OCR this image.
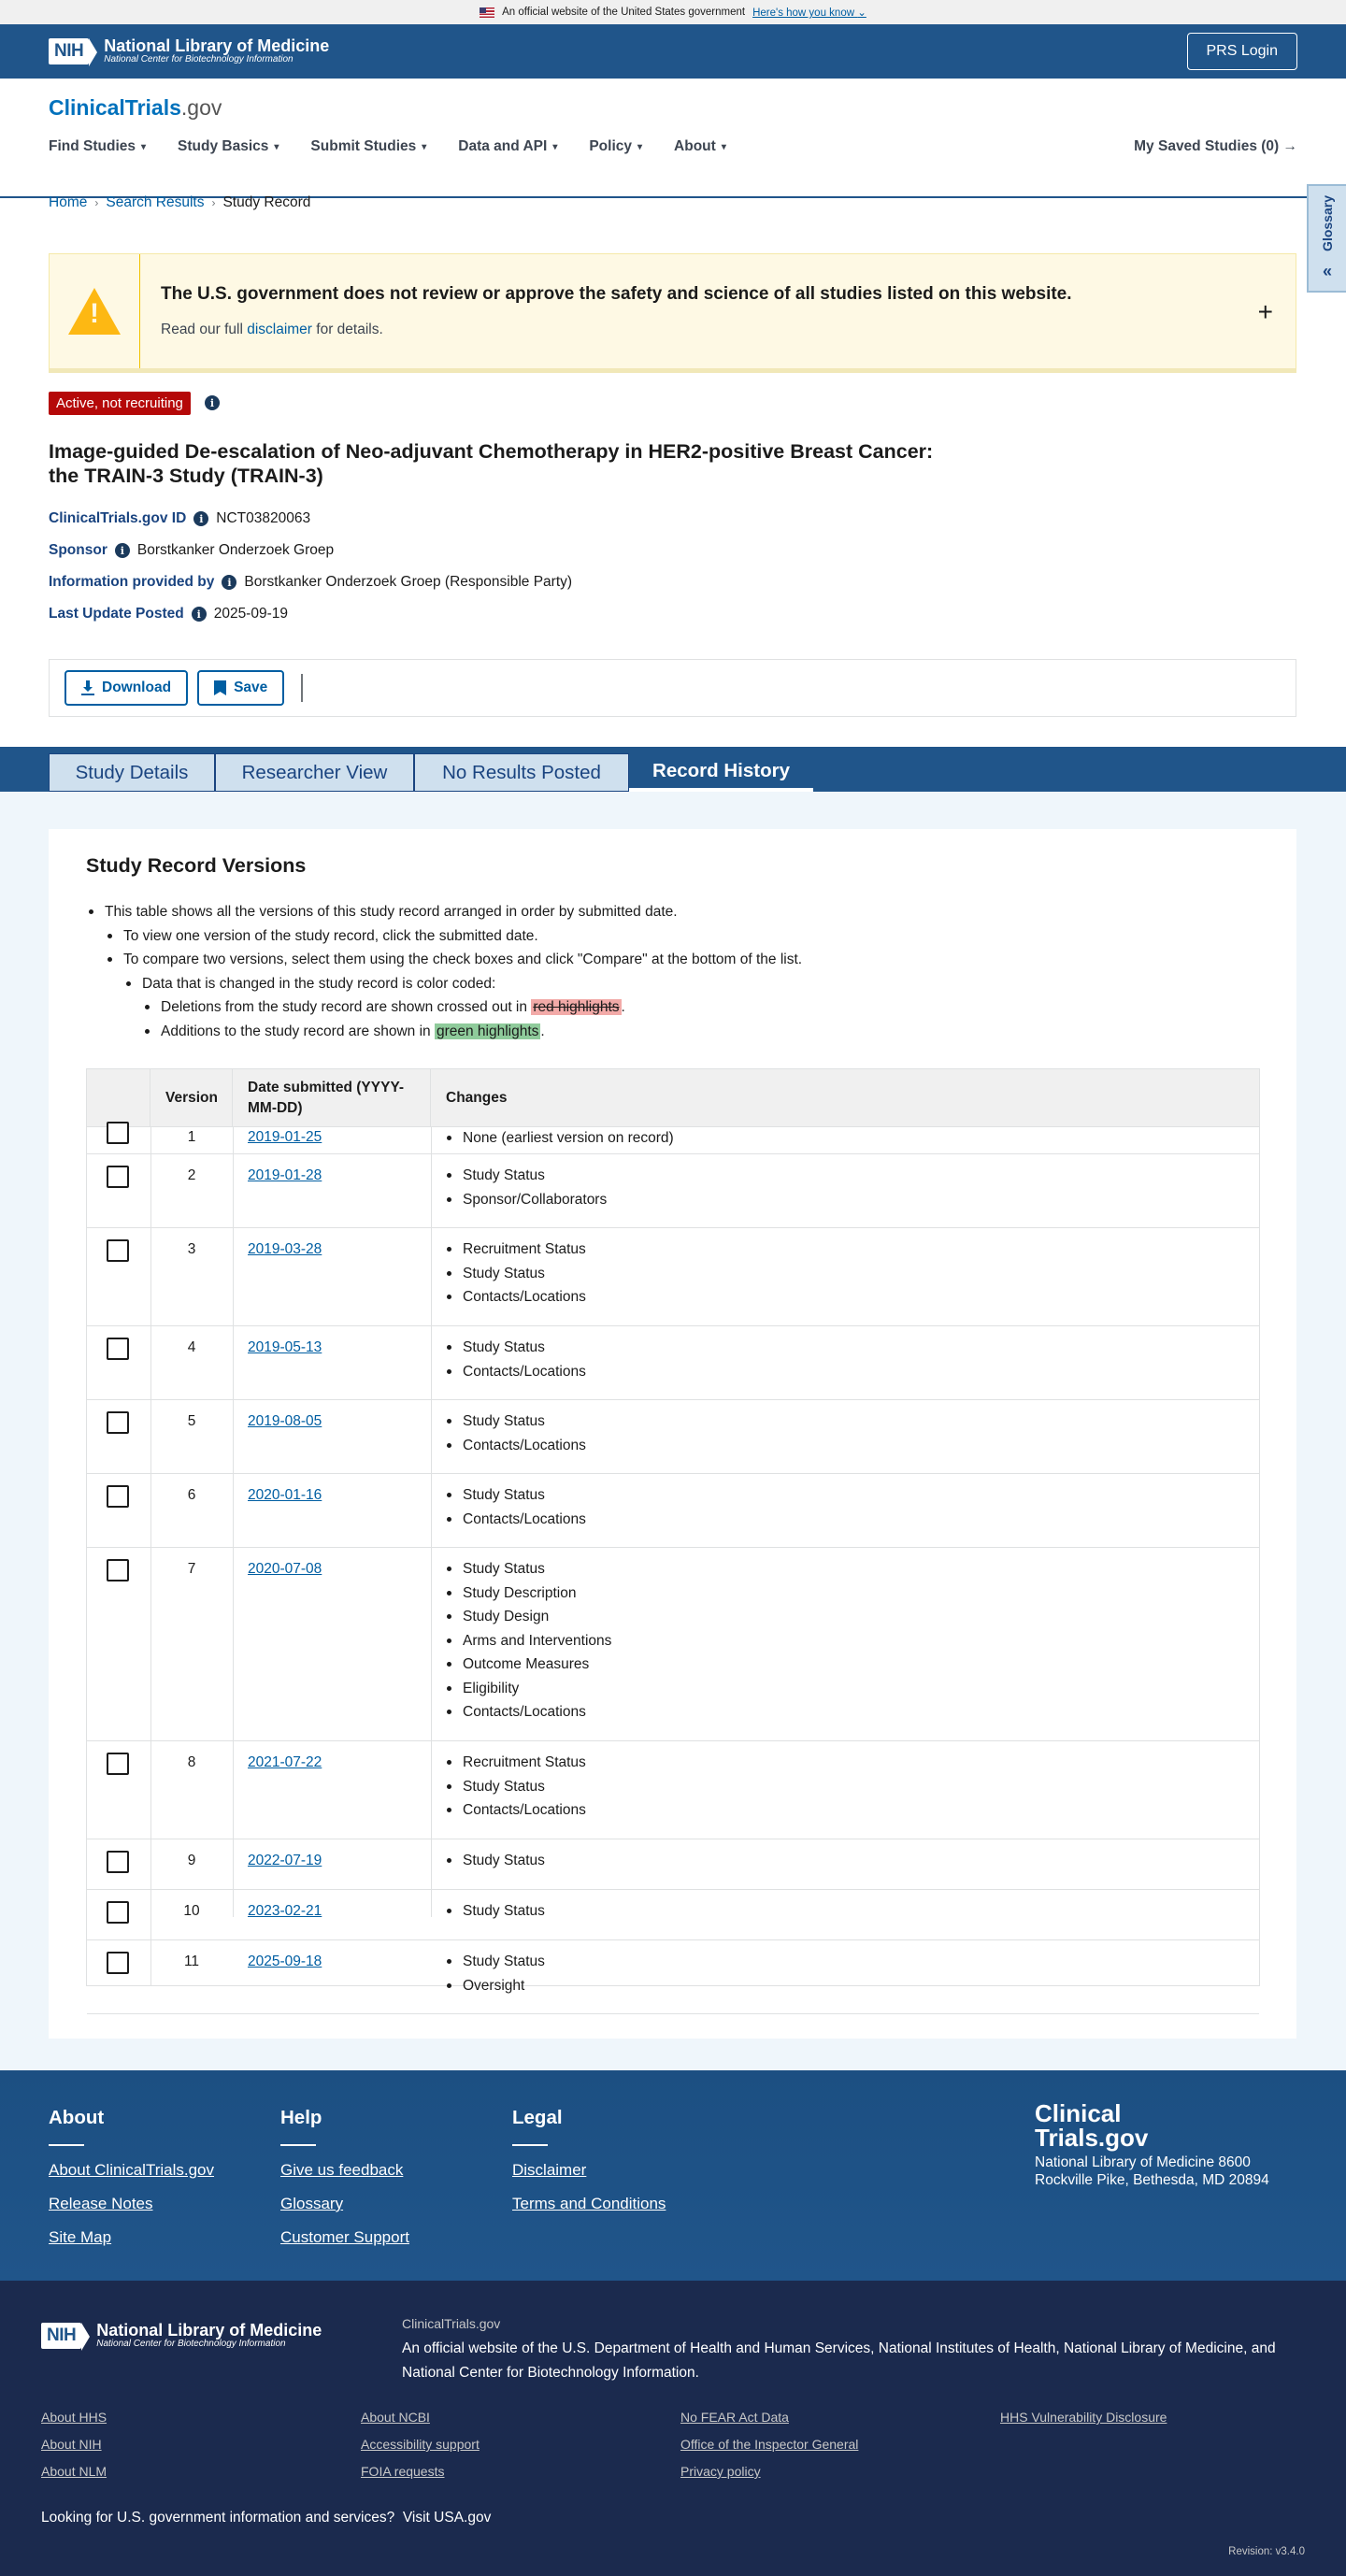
An official website of the United States government Here's how you know ⌄
NIH	National Library of Medicine
National Center for Biotechnology Information
PRS Login
ClinicalTrials.gov
Find Studies ▾ Study Basics ▾ Submit Studies ▾ Data and API ▾ Policy ▾ About ▾	My Saved Studies (0) →
Glossary
«
Home › Search Results › Study Record
!
The U.S. government does not review or approve the safety and science of all studies listed on this website.
Read our full disclaimer for details.
+
Active, not recruiting	i
Image-guided De-escalation of Neo-adjuvant Chemotherapy in HER2-positive Breast Cancer: the TRAIN-3 Study (TRAIN-3)
ClinicalTrials.gov ID	i NCT03820063
Sponsor	i Borstkanker Onderzoek Groep
Information provided by	i Borstkanker Onderzoek Groep (Responsible Party)
Last Update Posted	i 2025-09-19
Download	Save
Study Details	Researcher View	No Results Posted	Record History
Study Record Versions
This table shows all the versions of this study record arranged in order by submitted date.
To view one version of the study record, click the submitted date.
To compare two versions, select them using the check boxes and click "Compare" at the bottom of the list.
Data that is changed in the study record is color coded:
Deletions from the study record are shown crossed out in red highlights .
Additions to the study record are shown in green highlights .
Version
Date submitted (YYYY-MM-DD)
Changes
1	2019-01-25	None (earliest version on record)
2	2019-01-28	Study Status
Sponsor/Collaborators
3	2019-03-28	Recruitment Status
Study Status
Contacts/Locations
4	2019-05-13	Study Status
Contacts/Locations
5	2019-08-05	Study Status
Contacts/Locations
6	2020-01-16	Study Status
Contacts/Locations
7	2020-07-08	Study Status
Study Description
Study Design
Arms and Interventions
Outcome Measures
Eligibility
Contacts/Locations
8	2021-07-22	Recruitment Status
Study Status
Contacts/Locations
9	2022-07-19	Study Status
10	2023-02-21	Study Status
11	2025-09-18	Study Status
Oversight
About
About ClinicalTrials.gov
Release Notes
Site Map
Help
Give us feedback
Glossary
Customer Support
Legal
Disclaimer
Terms and Conditions
Clinical
Trials.gov
National Library of Medicine 8600 Rockville Pike, Bethesda, MD 20894
NIH	National Library of Medicine
National Center for Biotechnology Information
ClinicalTrials.gov
An official website of the U.S. Department of Health and Human Services, National Institutes of Health, National Library of Medicine, and National Center for Biotechnology Information.
About HHS
About NIH
About NLM
About NCBI
Accessibility support
FOIA requests
No FEAR Act Data
Office of the Inspector General
Privacy policy
HHS Vulnerability Disclosure
Looking for U.S. government information and services? Visit USA.gov
Revision: v3.4.0
